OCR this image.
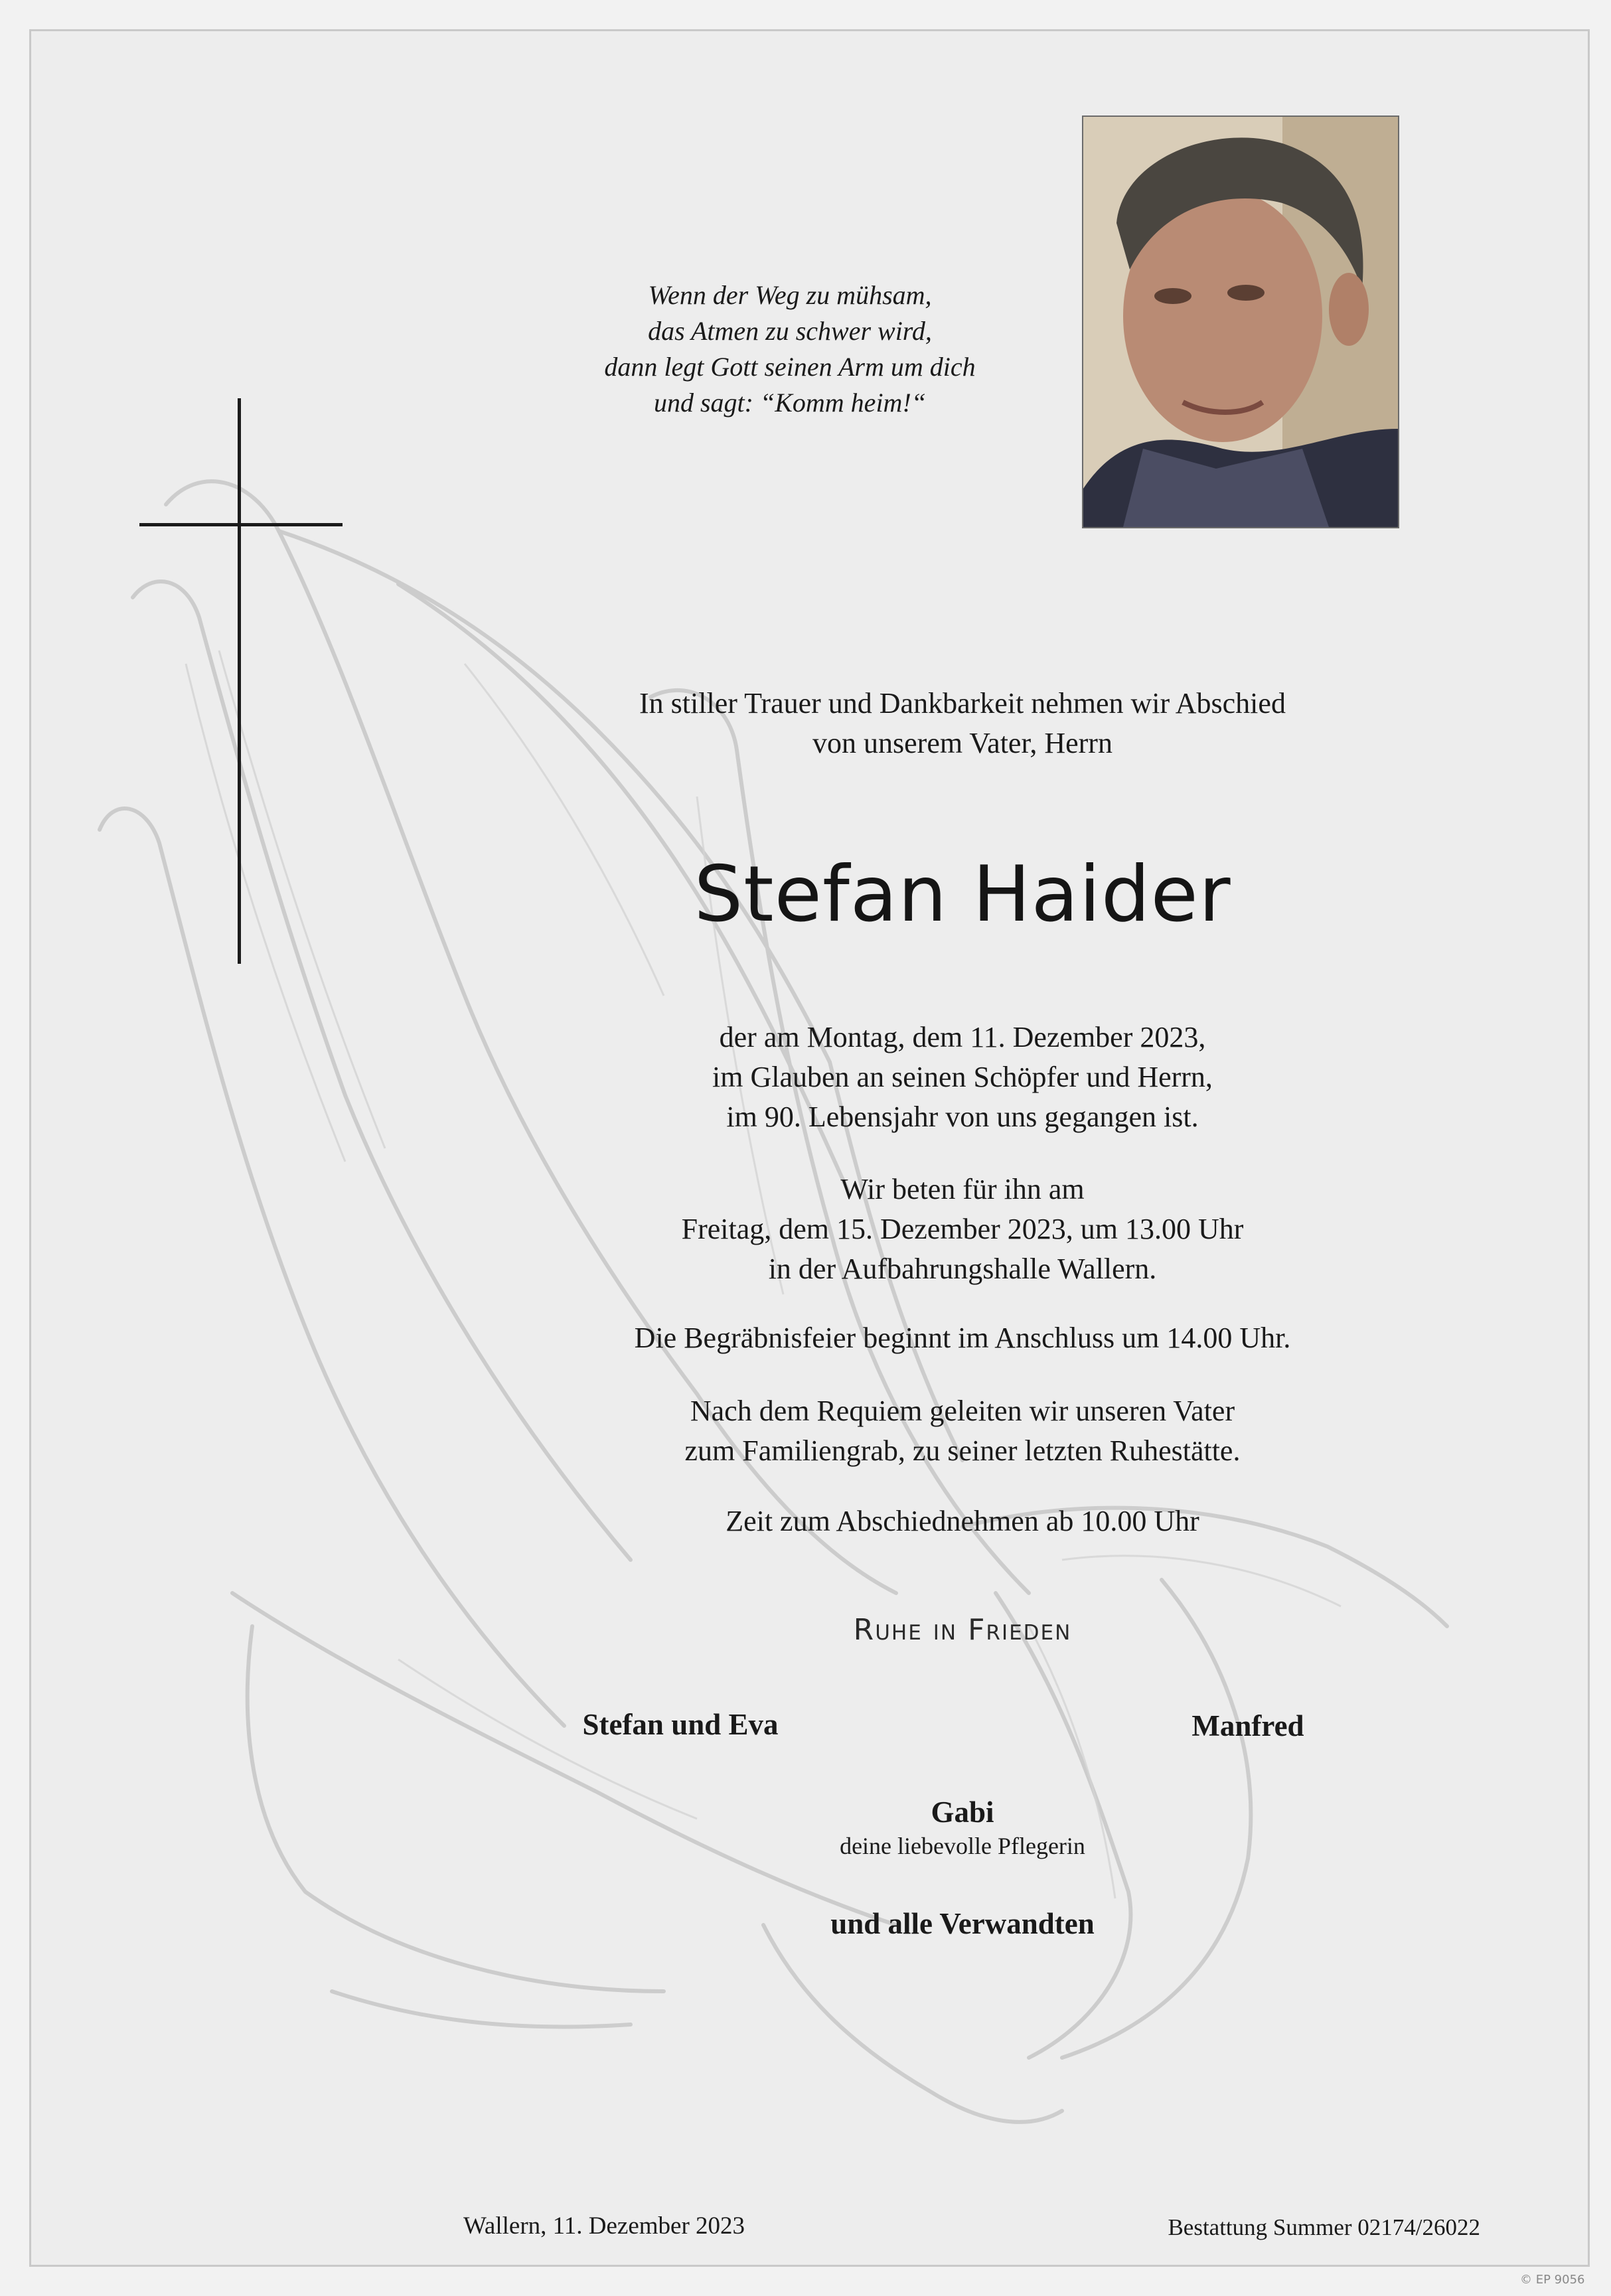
Wenn der Weg zu mühsam,
das Atmen zu schwer wird,
dann legt Gott seinen Arm um dich
und sagt: “Komm heim!“
In stiller Trauer und Dankbarkeit nehmen wir Abschied
von unserem Vater, Herrn
Stefan Haider
der am Montag, dem 11. Dezember 2023,
im Glauben an seinen Schöpfer und Herrn,
im 90. Lebensjahr von uns gegangen ist.
Wir beten für ihn am
Freitag, dem 15. Dezember 2023, um 13.00 Uhr
in der Aufbahrungshalle Wallern.
Die Begräbnisfeier beginnt im Anschluss um 14.00 Uhr.
Nach dem Requiem geleiten wir unseren Vater
zum Familiengrab, zu seiner letzten Ruhestätte.
Zeit zum Abschiednehmen ab 10.00 Uhr
Ruhe in Frieden
Stefan und Eva	Manfred
Gabi
deine liebevolle Pflegerin
und alle Verwandten
Wallern, 11. Dezember 2023	Bestattung Summer 02174/26022
© EP 9056
